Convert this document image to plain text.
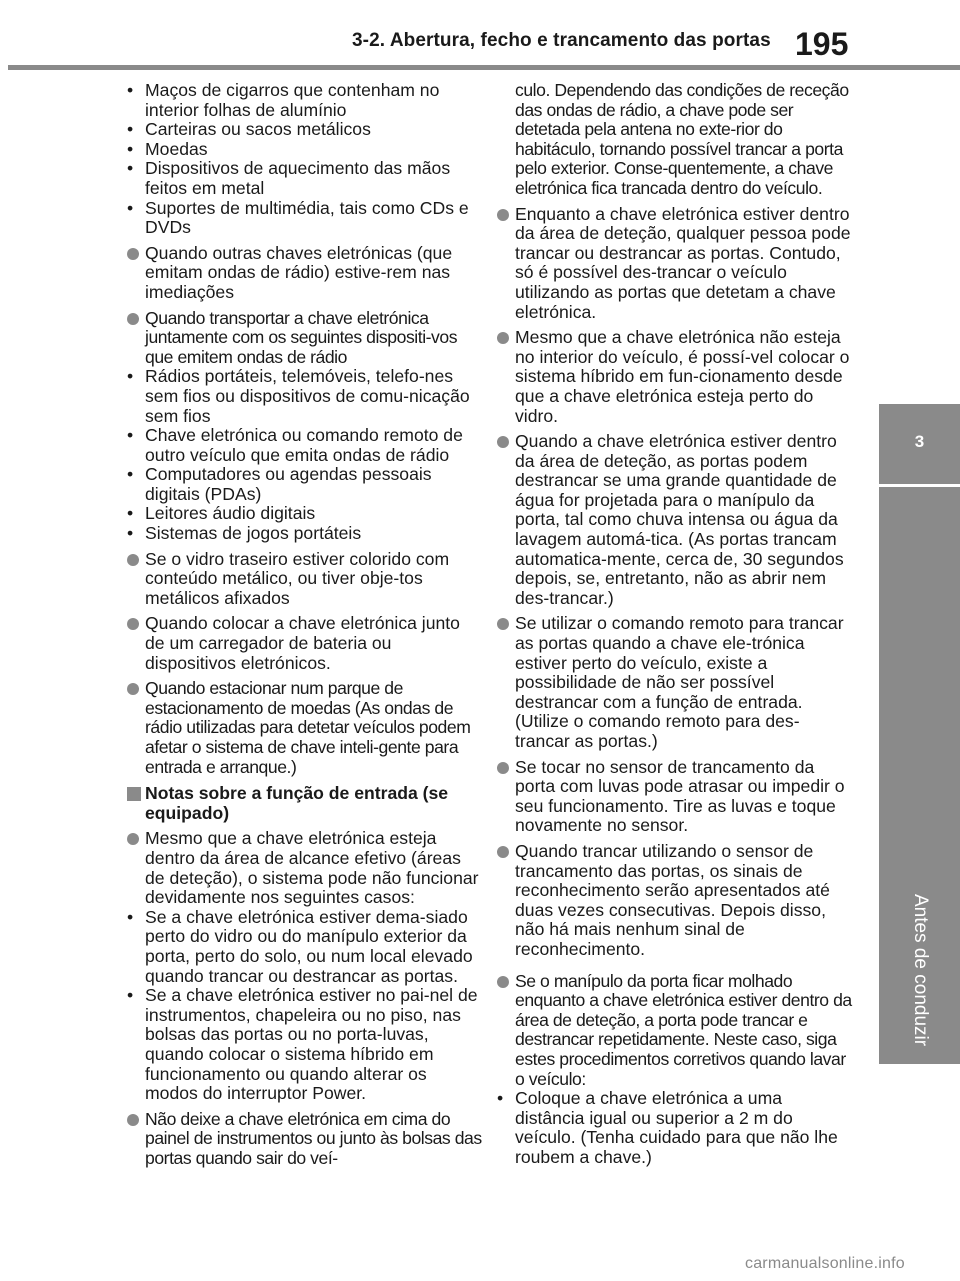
3-2. Abertura, fecho e trancamento das portas 195
3
Antes de conduzir
• Maços de cigarros que contenham no interior folhas de alumínio
• Carteiras ou sacos metálicos
• Moedas
• Dispositivos de aquecimento das mãos feitos em metal
• Suportes de multimédia, tais como CDs e DVDs
Quando outras chaves eletrónicas (que emitam ondas de rádio) estive-rem nas imediações
Quando transportar a chave eletrónica juntamente com os seguintes dispositi-vos que emitem ondas de rádio
• Rádios portáteis, telemóveis, telefo-nes sem fios ou dispositivos de comu-nicação sem fios
• Chave eletrónica ou comando remoto de outro veículo que emita ondas de rádio
• Computadores ou agendas pessoais digitais (PDAs)
• Leitores áudio digitais
• Sistemas de jogos portáteis
Se o vidro traseiro estiver colorido com conteúdo metálico, ou tiver obje-tos metálicos afixados
Quando colocar a chave eletrónica junto de um carregador de bateria ou dispositivos eletrónicos.
Quando estacionar num parque de estacionamento de moedas (As ondas de rádio utilizadas para detetar veículos podem afetar o sistema de chave inteli-gente para entrada e arranque.)
Notas sobre a função de entrada (se equipado)
Mesmo que a chave eletrónica esteja dentro da área de alcance efetivo (áreas de deteção), o sistema pode não funcionar devidamente nos seguintes casos:
• Se a chave eletrónica estiver dema-siado perto do vidro ou do manípulo exterior da porta, perto do solo, ou num local elevado quando trancar ou destrancar as portas.
• Se a chave eletrónica estiver no pai-nel de instrumentos, chapeleira ou no piso, nas bolsas das portas ou no porta-luvas, quando colocar o sistema híbrido em funcionamento ou quando alterar os modos do interruptor Power.
Não deixe a chave eletrónica em cima do painel de instrumentos ou junto às bolsas das portas quando sair do veí-
culo. Dependendo das condições de receção das ondas de rádio, a chave pode ser detetada pela antena no exte-rior do habitáculo, tornando possível trancar a porta pelo exterior. Conse-quentemente, a chave eletrónica fica trancada dentro do veículo.
Enquanto a chave eletrónica estiver dentro da área de deteção, qualquer pessoa pode trancar ou destrancar as portas. Contudo, só é possível des-trancar o veículo utilizando as portas que detetam a chave eletrónica.
Mesmo que a chave eletrónica não esteja no interior do veículo, é possí-vel colocar o sistema híbrido em fun-cionamento desde que a chave eletrónica esteja perto do vidro.
Quando a chave eletrónica estiver dentro da área de deteção, as portas podem destrancar se uma grande quantidade de água for projetada para o manípulo da porta, tal como chuva intensa ou água da lavagem automá-tica. (As portas trancam automatica-mente, cerca de, 30 segundos depois, se, entretanto, não as abrir nem des-trancar.)
Se utilizar o comando remoto para trancar as portas quando a chave ele-trónica estiver perto do veículo, existe a possibilidade de não ser possível destrancar com a função de entrada. (Utilize o comando remoto para des-trancar as portas.)
Se tocar no sensor de trancamento da porta com luvas pode atrasar ou impedir o seu funcionamento. Tire as luvas e toque novamente no sensor.
Quando trancar utilizando o sensor de trancamento das portas, os sinais de reconhecimento serão apresentados até duas vezes consecutivas. Depois disso, não há mais nenhum sinal de reconhecimento.
Se o manípulo da porta ficar molhado enquanto a chave eletrónica estiver dentro da área de deteção, a porta pode trancar e destrancar repetidamente. Neste caso, siga estes procedimentos corretivos quando lavar o veículo:
• Coloque a chave eletrónica a uma distância igual ou superior a 2 m do veículo. (Tenha cuidado para que não lhe roubem a chave.)
carmanualsonline.info
